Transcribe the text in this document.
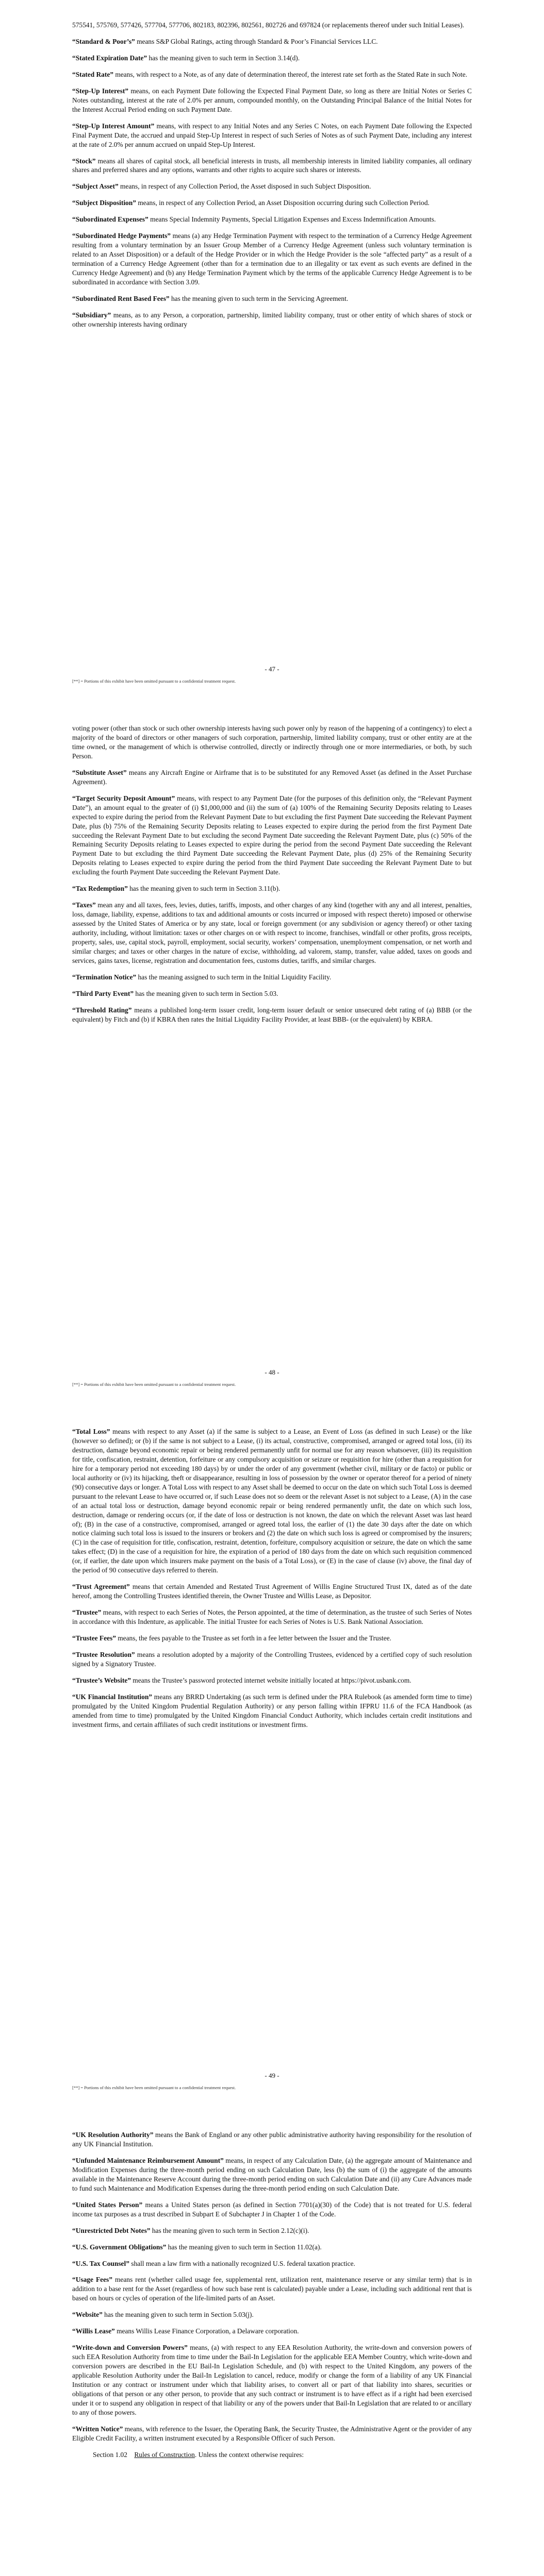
575541, 575769, 577426, 577704, 577706, 802183, 802396, 802561, 802726 and 697824 (or replacements thereof under such Initial Leases).

“Standard & Poor’s” means S&P Global Ratings, acting through Standard & Poor’s Financial Services LLC.

“Stated Expiration Date” has the meaning given to such term in Section 3.14(d).

“Stated Rate” means, with respect to a Note, as of any date of determination thereof, the interest rate set forth as the Stated Rate in such Note.

“Step-Up Interest” means, on each Payment Date following the Expected Final Payment Date, so long as there are Initial Notes or Series C Notes outstanding, interest at the rate of 2.0% per annum, compounded monthly, on the Outstanding Principal Balance of the Initial Notes for the Interest Accrual Period ending on such Payment Date.

“Step-Up Interest Amount” means, with respect to any Initial Notes and any Series C Notes, on each Payment Date following the Expected Final Payment Date, the accrued and unpaid Step-Up Interest in respect of such Series of Notes as of such Payment Date, including any interest at the rate of 2.0% per annum accrued on unpaid Step-Up Interest.

“Stock” means all shares of capital stock, all beneficial interests in trusts, all membership interests in limited liability companies, all ordinary shares and preferred shares and any options, warrants and other rights to acquire such shares or interests.

“Subject Asset” means, in respect of any Collection Period, the Asset disposed in such Subject Disposition.

“Subject Disposition” means, in respect of any Collection Period, an Asset Disposition occurring during such Collection Period.

“Subordinated Expenses” means Special Indemnity Payments, Special Litigation Expenses and Excess Indemnification Amounts.

“Subordinated Hedge Payments” means (a) any Hedge Termination Payment with respect to the termination of a Currency Hedge Agreement resulting from a voluntary termination by an Issuer Group Member of a Currency Hedge Agreement (unless such voluntary termination is related to an Asset Disposition) or a default of the Hedge Provider or in which the Hedge Provider is the sole “affected party” as a result of a termination of a Currency Hedge Agreement (other than for a termination due to an illegality or tax event as such events are defined in the Currency Hedge Agreement) and (b) any Hedge Termination Payment which by the terms of the applicable Currency Hedge Agreement is to be subordinated in accordance with Section 3.09.

“Subordinated Rent Based Fees” has the meaning given to such term in the Servicing Agreement.

“Subsidiary” means, as to any Person, a corporation, partnership, limited liability company, trust or other entity of which shares of stock or other ownership interests having ordinary

- 47 -
[**] = Portions of this exhibit have been omitted pursuant to a confidential treatment request.

voting power (other than stock or such other ownership interests having such power only by reason of the happening of a contingency) to elect a majority of the board of directors or other managers of such corporation, partnership, limited liability company, trust or other entity are at the time owned, or the management of which is otherwise controlled, directly or indirectly through one or more intermediaries, or both, by such Person.

“Substitute Asset” means any Aircraft Engine or Airframe that is to be substituted for any Removed Asset (as defined in the Asset Purchase Agreement).

“Target Security Deposit Amount” means, with respect to any Payment Date (for the purposes of this definition only, the “Relevant Payment Date”), an amount equal to the greater of (i) $1,000,000 and (ii) the sum of (a) 100% of the Remaining Security Deposits relating to Leases expected to expire during the period from the Relevant Payment Date to but excluding the first Payment Date succeeding the Relevant Payment Date, plus (b) 75% of the Remaining Security Deposits relating to Leases expected to expire during the period from the first Payment Date succeeding the Relevant Payment Date to but excluding the second Payment Date succeeding the Relevant Payment Date, plus (c) 50% of the Remaining Security Deposits relating to Leases expected to expire during the period from the second Payment Date succeeding the Relevant Payment Date to but excluding the third Payment Date succeeding the Relevant Payment Date, plus (d) 25% of the Remaining Security Deposits relating to Leases expected to expire during the period from the third Payment Date succeeding the Relevant Payment Date to but excluding the fourth Payment Date succeeding the Relevant Payment Date.

“Tax Redemption” has the meaning given to such term in Section 3.11(b).

“Taxes” mean any and all taxes, fees, levies, duties, tariffs, imposts, and other charges of any kind (together with any and all interest, penalties, loss, damage, liability, expense, additions to tax and additional amounts or costs incurred or imposed with respect thereto) imposed or otherwise assessed by the United States of America or by any state, local or foreign government (or any subdivision or agency thereof) or other taxing authority, including, without limitation: taxes or other charges on or with respect to income, franchises, windfall or other profits, gross receipts, property, sales, use, capital stock, payroll, employment, social security, workers’ compensation, unemployment compensation, or net worth and similar charges; and taxes or other charges in the nature of excise, withholding, ad valorem, stamp, transfer, value added, taxes on goods and services, gains taxes, license, registration and documentation fees, customs duties, tariffs, and similar charges.

“Termination Notice” has the meaning assigned to such term in the Initial Liquidity Facility.

“Third Party Event” has the meaning given to such term in Section 5.03.

“Threshold Rating” means a published long-term issuer credit, long-term issuer default or senior unsecured debt rating of (a) BBB (or the equivalent) by Fitch and (b) if KBRA then rates the Initial Liquidity Facility Provider, at least BBB- (or the equivalent) by KBRA.

- 48 -
[**] = Portions of this exhibit have been omitted pursuant to a confidential treatment request.

“Total Loss” means with respect to any Asset (a) if the same is subject to a Lease, an Event of Loss (as defined in such Lease) or the like (however so defined); or (b) if the same is not subject to a Lease, (i) its actual, constructive, compromised, arranged or agreed total loss, (ii) its destruction, damage beyond economic repair or being rendered permanently unfit for normal use for any reason whatsoever, (iii) its requisition for title, confiscation, restraint, detention, forfeiture or any compulsory acquisition or seizure or requisition for hire (other than a requisition for hire for a temporary period not exceeding 180 days) by or under the order of any government (whether civil, military or de facto) or public or local authority or (iv) its hijacking, theft or disappearance, resulting in loss of possession by the owner or operator thereof for a period of ninety (90) consecutive days or longer. A Total Loss with respect to any Asset shall be deemed to occur on the date on which such Total Loss is deemed pursuant to the relevant Lease to have occurred or, if such Lease does not so deem or the relevant Asset is not subject to a Lease, (A) in the case of an actual total loss or destruction, damage beyond economic repair or being rendered permanently unfit, the date on which such loss, destruction, damage or rendering occurs (or, if the date of loss or destruction is not known, the date on which the relevant Asset was last heard of); (B) in the case of a constructive, compromised, arranged or agreed total loss, the earlier of (1) the date 30 days after the date on which notice claiming such total loss is issued to the insurers or brokers and (2) the date on which such loss is agreed or compromised by the insurers; (C) in the case of requisition for title, confiscation, restraint, detention, forfeiture, compulsory acquisition or seizure, the date on which the same takes effect; (D) in the case of a requisition for hire, the expiration of a period of 180 days from the date on which such requisition commenced (or, if earlier, the date upon which insurers make payment on the basis of a Total Loss), or (E) in the case of clause (iv) above, the final day of the period of 90 consecutive days referred to therein.

“Trust Agreement” means that certain Amended and Restated Trust Agreement of Willis Engine Structured Trust IX, dated as of the date hereof, among the Controlling Trustees identified therein, the Owner Trustee and Willis Lease, as Depositor.

“Trustee” means, with respect to each Series of Notes, the Person appointed, at the time of determination, as the trustee of such Series of Notes in accordance with this Indenture, as applicable. The initial Trustee for each Series of Notes is U.S. Bank National Association.

“Trustee Fees” means, the fees payable to the Trustee as set forth in a fee letter between the Issuer and the Trustee.

“Trustee Resolution” means a resolution adopted by a majority of the Controlling Trustees, evidenced by a certified copy of such resolution signed by a Signatory Trustee.

“Trustee’s Website” means the Trustee’s password protected internet website initially located at https://pivot.usbank.com.

“UK Financial Institution” means any BRRD Undertaking (as such term is defined under the PRA Rulebook (as amended form time to time) promulgated by the United Kingdom Prudential Regulation Authority) or any person falling within IFPRU 11.6 of the FCA Handbook (as amended from time to time) promulgated by the United Kingdom Financial Conduct Authority, which includes certain credit institutions and investment firms, and certain affiliates of such credit institutions or investment firms.

- 49 -
[**] = Portions of this exhibit have been omitted pursuant to a confidential treatment request.

“UK Resolution Authority” means the Bank of England or any other public administrative authority having responsibility for the resolution of any UK Financial Institution.

“Unfunded Maintenance Reimbursement Amount” means, in respect of any Calculation Date, (a) the aggregate amount of Maintenance and Modification Expenses during the three-month period ending on such Calculation Date, less (b) the sum of (i) the aggregate of the amounts available in the Maintenance Reserve Account during the three-month period ending on such Calculation Date and (ii) any Cure Advances made to fund such Maintenance and Modification Expenses during the three-month period ending on such Calculation Date.

“United States Person” means a United States person (as defined in Section 7701(a)(30) of the Code) that is not treated for U.S. federal income tax purposes as a trust described in Subpart E of Subchapter J in Chapter 1 of the Code.

“Unrestricted Debt Notes” has the meaning given to such term in Section 2.12(c)(i).

“U.S. Government Obligations” has the meaning given to such term in Section 11.02(a).

“U.S. Tax Counsel” shall mean a law firm with a nationally recognized U.S. federal taxation practice.

“Usage Fees” means rent (whether called usage fee, supplemental rent, utilization rent, maintenance reserve or any similar term) that is in addition to a base rent for the Asset (regardless of how such base rent is calculated) payable under a Lease, including such additional rent that is based on hours or cycles of operation of the life-limited parts of an Asset.

“Website” has the meaning given to such term in Section 5.03(j).

“Willis Lease” means Willis Lease Finance Corporation, a Delaware corporation.

“Write-down and Conversion Powers” means, (a) with respect to any EEA Resolution Authority, the write-down and conversion powers of such EEA Resolution Authority from time to time under the Bail-In Legislation for the applicable EEA Member Country, which write-down and conversion powers are described in the EU Bail-In Legislation Schedule, and (b) with respect to the United Kingdom, any powers of the applicable Resolution Authority under the Bail-In Legislation to cancel, reduce, modify or change the form of a liability of any UK Financial Institution or any contract or instrument under which that liability arises, to convert all or part of that liability into shares, securities or obligations of that person or any other person, to provide that any such contract or instrument is to have effect as if a right had been exercised under it or to suspend any obligation in respect of that liability or any of the powers under that Bail-In Legislation that are related to or ancillary to any of those powers.

“Written Notice” means, with reference to the Issuer, the Operating Bank, the Security Trustee, the Administrative Agent or the provider of any Eligible Credit Facility, a written instrument executed by a Responsible Officer of such Person.

Section 1.02 Rules of Construction. Unless the context otherwise requires:
